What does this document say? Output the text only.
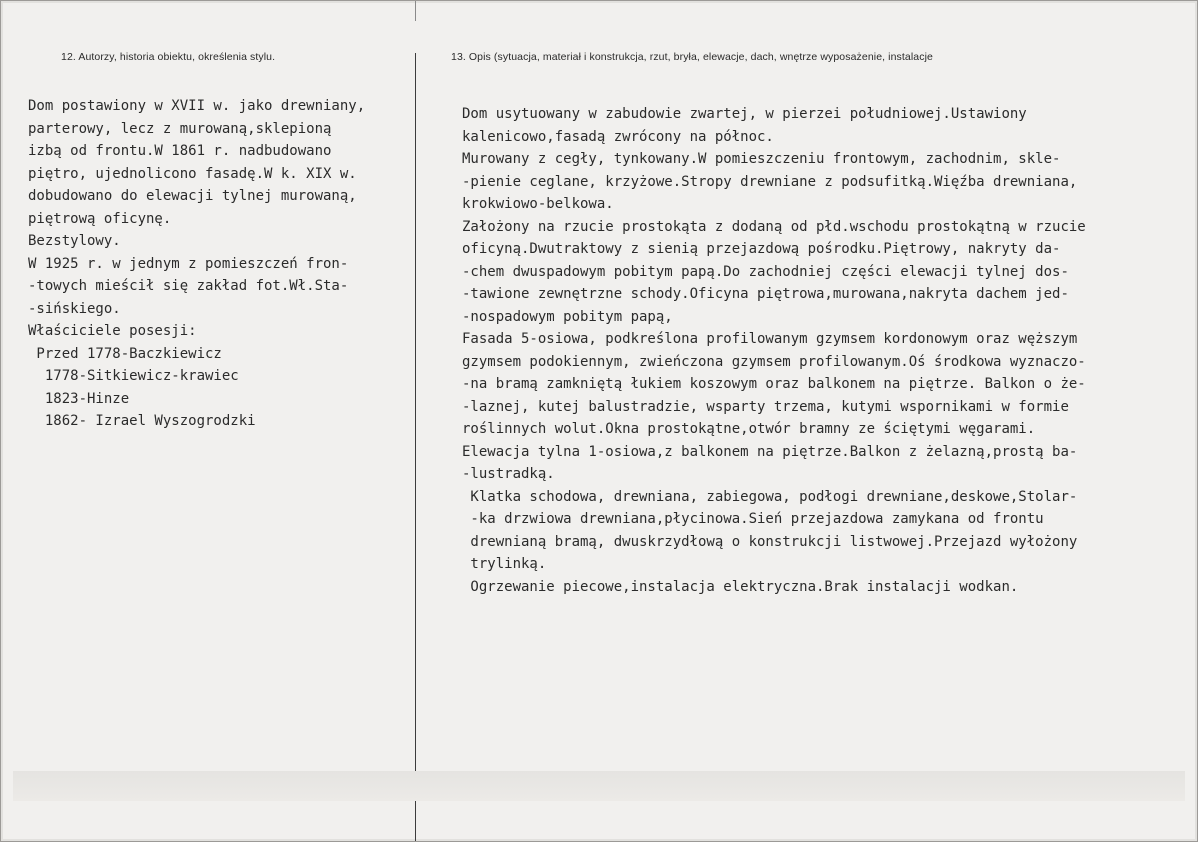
12. Autorzy, historia obiektu, określenia stylu.	13. Opis (sytuacja, materiał i konstrukcja, rzut, bryła, elewacje, dach, wnętrze wyposażenie, instalacje
Dom postawiony w XVII w. jako drewniany,
parterowy, lecz z murowaną,sklepioną
izbą od frontu.W 1861 r. nadbudowano
piętro, ujednolicono fasadę.W k. XIX w.
dobudowano do elewacji tylnej murowaną,
piętrową oficynę.
Bezstylowy.
W 1925 r. w jednym z pomieszczeń fron-
-towych mieścił się zakład fot.Wł.Sta-
-sińskiego.
Właściciele posesji:
Przed 1778-Baczkiewicz
1778-Sitkiewicz-krawiec
1823-Hinze
1862- Izrael Wyszogrodzki
Dom usytuowany w zabudowie zwartej, w pierzei południowej.Ustawiony
kalenicowo,fasadą zwrócony na północ.
Murowany z cegły, tynkowany.W pomieszczeniu frontowym, zachodnim, skle-
-pienie ceglane, krzyżowe.Stropy drewniane z podsufitką.Więźba drewniana,
krokwiowo-belkowa.
Założony na rzucie prostokąta z dodaną od płd.wschodu prostokątną w rzucie
oficyną.Dwutraktowy z sienią przejazdową pośrodku.Piętrowy, nakryty da-
-chem dwuspadowym pobitym papą.Do zachodniej części elewacji tylnej dos-
-tawione zewnętrzne schody.Oficyna piętrowa,murowana,nakryta dachem jed-
-nospadowym pobitym papą,
Fasada 5-osiowa, podkreślona profilowanym gzymsem kordonowym oraz węższym
gzymsem podokiennym, zwieńczona gzymsem profilowanym.Oś środkowa wyznaczo-
-na bramą zamkniętą łukiem koszowym oraz balkonem na piętrze. Balkon o że-
-laznej, kutej balustradzie, wsparty trzema, kutymi wspornikami w formie
roślinnych wolut.Okna prostokątne,otwór bramny ze ściętymi węgarami.
Elewacja tylna 1-osiowa,z balkonem na piętrze.Balkon z żelazną,prostą ba-
-lustradką.
Klatka schodowa, drewniana, zabiegowa, podłogi drewniane,deskowe,Stolar-
-ka drzwiowa drewniana,płycinowa.Sień przejazdowa zamykana od frontu
drewnianą bramą, dwuskrzydłową o konstrukcji listwowej.Przejazd wyłożony
trylinką.
Ogrzewanie piecowe,instalacja elektryczna.Brak instalacji wodkan.
